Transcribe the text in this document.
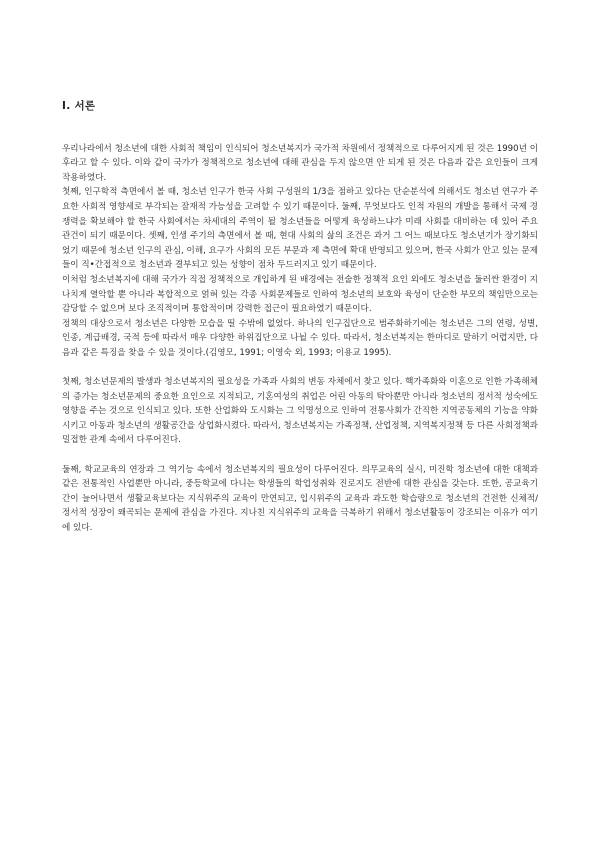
Ⅰ. 서론

우리나라에서 청소년에 대한 사회적 책임이 인식되어 청소년복지가 국가적 차원에서 정책적으로 다루어지게 된 것은 1990년 이후라고 할 수 있다. 이와 같이 국가가 정책적으로 청소년에 대해 관심을 두지 않으면 안 되게 된 것은 다음과 같은 요인들이 크게 작용하였다.

첫째, 인구학적 측면에서 볼 때, 청소년 인구가 한국 사회 구성원의 1/3을 점하고 있다는 단순분석에 의해서도 청소년 연구가 주요한 사회적 영향세로 부각되는 잠재적 가능성을 고려할 수 있기 때문이다. 둘째, 무엇보다도 인적 자원의 개발을 통해서 국제 경쟁력을 확보해야 할 한국 사회에서는 차세대의 주역이 될 청소년들을 어떻게 육성하느냐가 미래 사회를 대비하는 데 있어 주요 관건이 되기 때문이다. 셋째, 인생 주기의 측면에서 볼 때, 현대 사회의 삶의 조건은 과거 그 어느 때보다도 청소년기가 장기화되었기 때문에 청소년 인구의 관심, 이해, 요구가 사회의 모든 부문과 제 측면에 확대 반영되고 있으며, 한국 사회가 안고 있는 문제들이 직•간접적으로 청소년과 결부되고 있는 성향이 점차 두드러지고 있기 때문이다.

이처럼 청소년복지에 대해 국가가 직접 정책적으로 개입하게 된 배경에는 전술한 정책적 요인 외에도 청소년을 둘러싼 환경이 지나치게 열악할 뿐 아니라 복합적으로 얽혀 있는 각종 사회문제들로 인하여 청소년의 보호와 육성이 단순한 부모의 책임만으로는 감당할 수 없으며 보다 조직적이며 통합적이며 강력한 접근이 필요하였기 때문이다.

정책의 대상으로서 청소년은 다양한 모습을 띨 수밖에 없었다. 하나의 인구집단으로 범주화하기에는 청소년은 그의 연령, 성별, 인종, 계급배경, 국적 등에 따라서 매우 다양한 하위집단으로 나뉠 수 있다. 따라서, 청소년복지는 한마디로 말하기 어렵지만, 다음과 같은 특징을 찾을 수 있을 것이다.(김영모, 1991; 이영숙 외, 1993; 이용교 1995).

첫째, 청소년문제의 발생과 청소년복지의 필요성을 가족과 사회의 변동 자체에서 찾고 있다. 핵가족화와 이혼으로 인한 가족해체의 증가는 청소년문제의 중요한 요인으로 지적되고, 기혼여성의 취업은 어린 아동의 탁아뿐만 아니라 청소년의 정서적 성숙에도 영향을 주는 것으로 인식되고 있다. 또한 산업화와 도시화는 그 익명성으로 인하여 전통사회가 간직한 지역공동체의 기능을 약화시키고 아동과 청소년의 생활공간을 상업화시켰다. 따라서, 청소년복지는 가족정책, 산업정책, 지역복지정책 등 다른 사회정책과 밀접한 관계 속에서 다루어진다.

둘째, 학교교육의 연장과 그 역기능 속에서 청소년복지의 필요성이 다루어진다. 의무교육의 실시, 미진학 청소년에 대한 대책과 같은 전통적인 사업뿐만 아니라, 중등학교에 다니는 학생들의 학업성취와 진로지도 전반에 대한 관심을 갖는다. 또한, 공교육기간이 늘어나면서 생활교육보다는 지식위주의 교육이 만연되고, 입시위주의 교육과 과도한 학습량으로 청소년의 건전한 신체적/정서적 성장이 왜곡되는 문제에 관심을 가진다. 지나친 지식위주의 교육을 극복하기 위해서 청소년활동이 강조되는 이유가 여기에 있다.
